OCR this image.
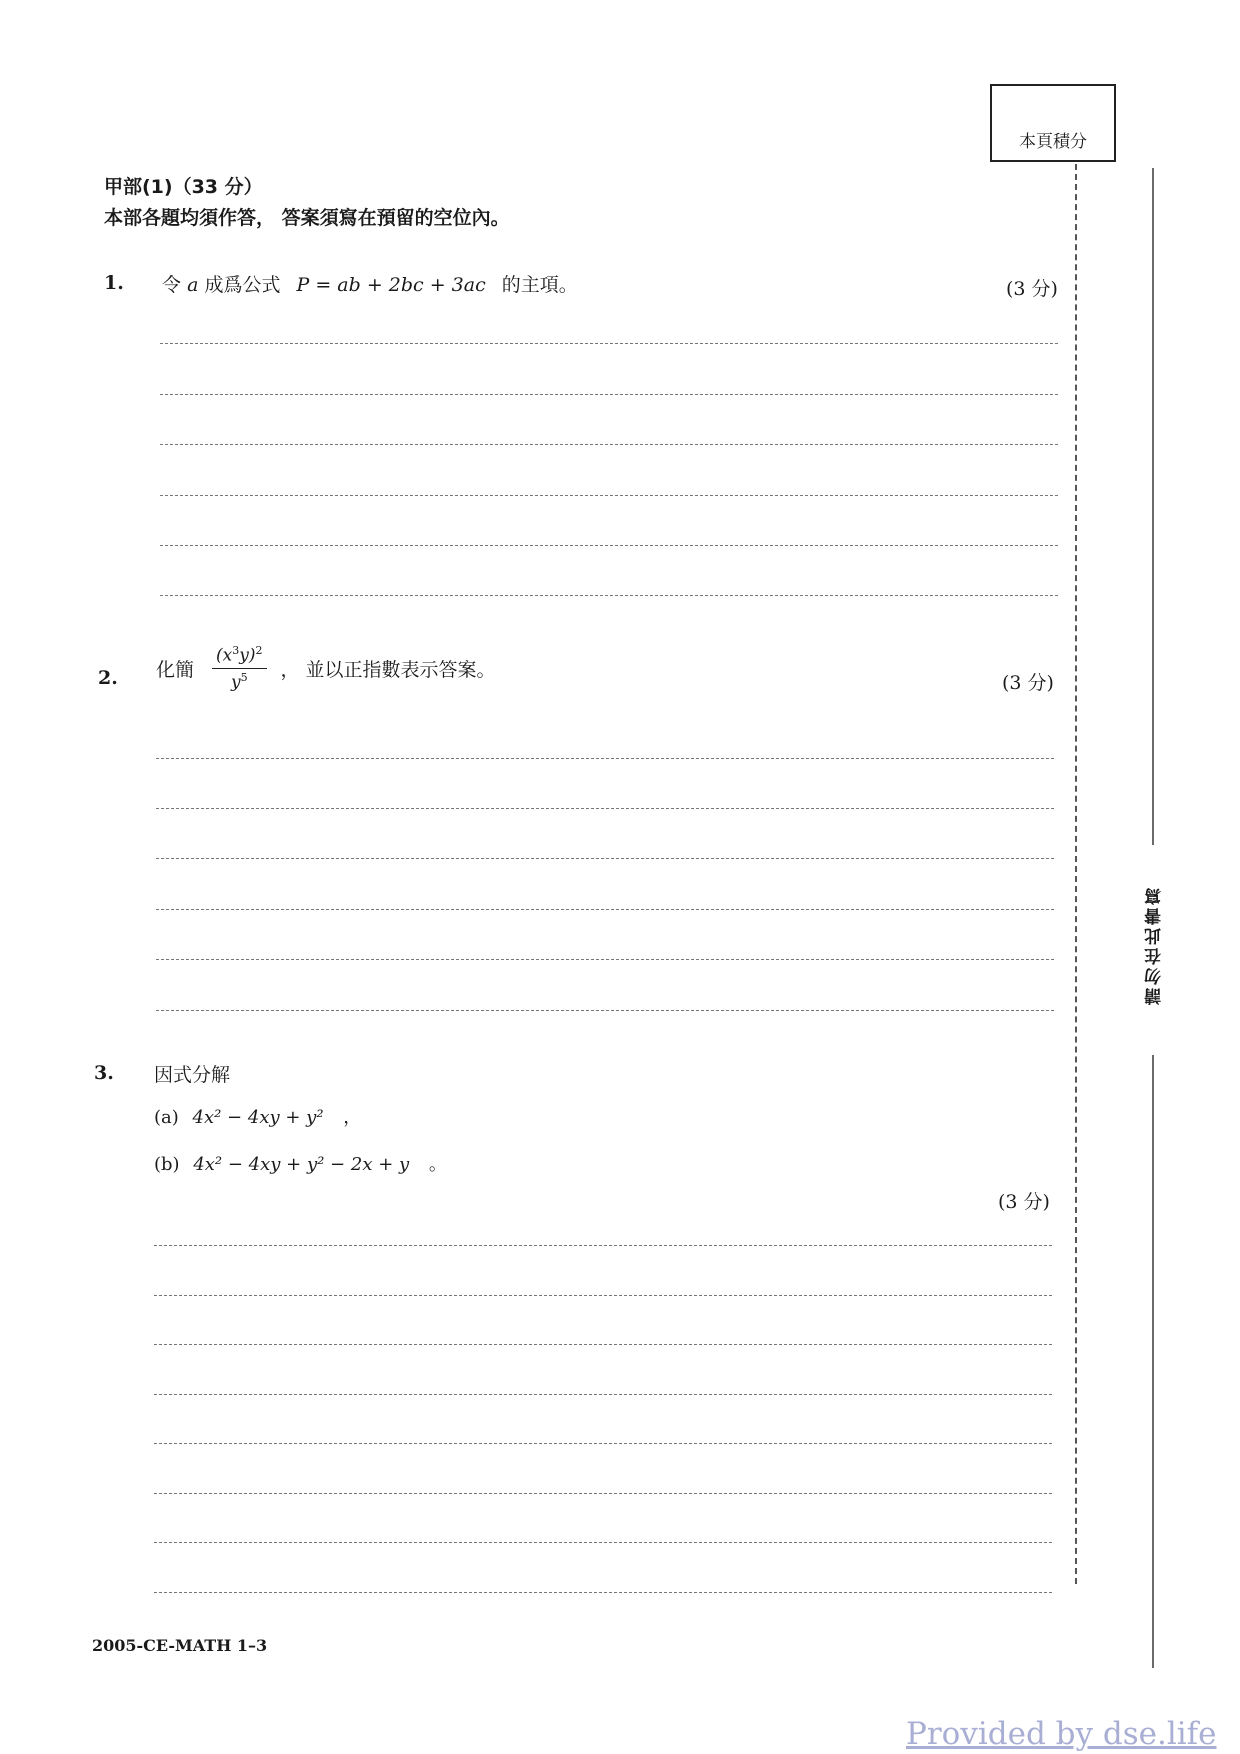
本頁積分
請勿在此書寫
甲部(1)（33 分）
本部各題均須作答， 答案須寫在預留的空位內。
1. 令 a 成爲公式 P = ab + 2bc + 3ac 的主項。	(3 分)
2. 化簡 $\frac{(x^3y)^2}{y^5}$ ， 並以正指數表示答案。
(3 分)
3. 因式分解
(a) 4x² − 4xy + y² ，
(b) 4x² − 4xy + y² − 2x + y 。
(3 分)
2005-CE-MATH 1–3
Provided by dse.life
